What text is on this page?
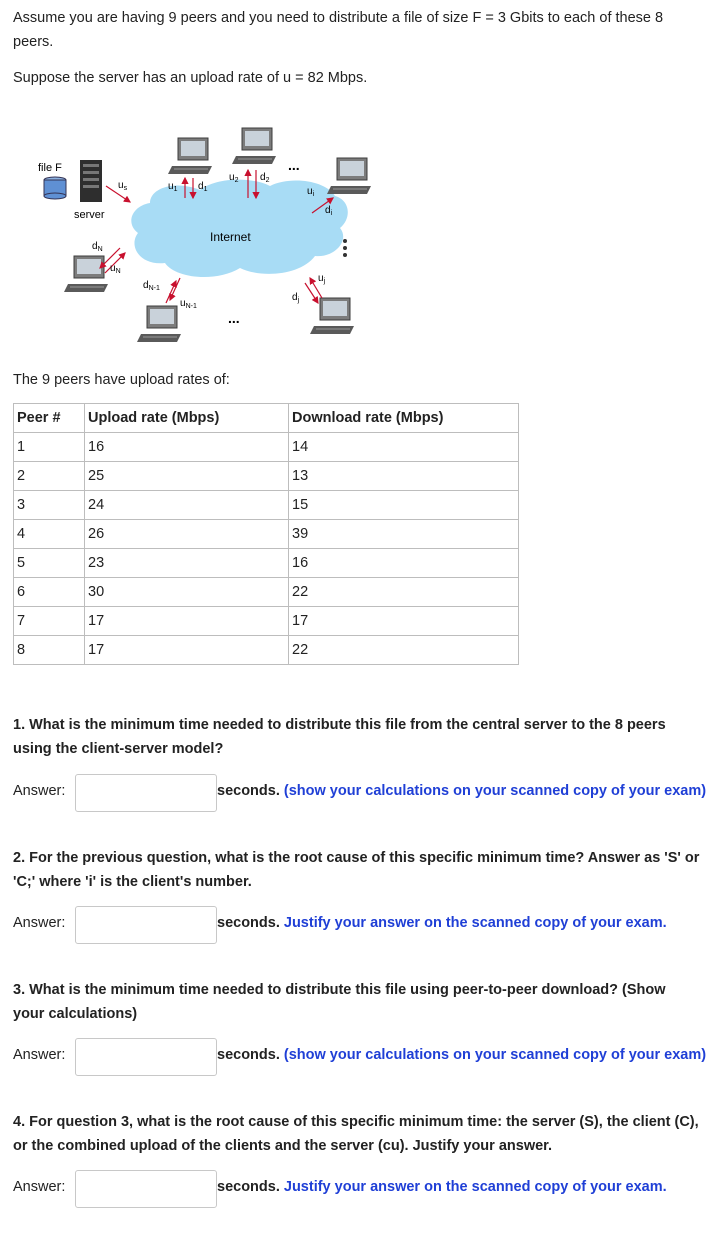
Assume you are having 9 peers and you need to distribute a file of size F = 3 Gbits to each of these 8
peers.
Suppose the server has an upload rate of u = 82 Mbps.
Internet
file F
server
$u_s$	$u_1$ $d_1$
$u_2$ $d_2$
...
$u_i$
$d_i$
$d_N$
$u_N$
$d_{N-1}$
$u_{N-1}$
...
$d_j$
$u_j$
The 9 peers have upload rates of:
Peer #	Upload rate (Mbps)	Download rate (Mbps)
1	16	14
2	25	13
3	24	15
4	26	39
5	23	16
6	30	22
7	17	17
8	17	22
1. What is the minimum time needed to distribute this file from the central server to the 8 peers
using the client-server model?
Answer:	seconds. (show your calculations on your scanned copy of your exam)
2. For the previous question, what is the root cause of this specific minimum time? Answer as 'S' or
'C;' where 'i' is the client's number.
Answer:	seconds. Justify your answer on the scanned copy of your exam.
3. What is the minimum time needed to distribute this file using peer-to-peer download? (Show
your calculations)
Answer:	seconds. (show your calculations on your scanned copy of your exam)
4. For question 3, what is the root cause of this specific minimum time: the server (S), the client (C),
or the combined upload of the clients and the server (cu). Justify your answer.
Answer:	seconds. Justify your answer on the scanned copy of your exam.
